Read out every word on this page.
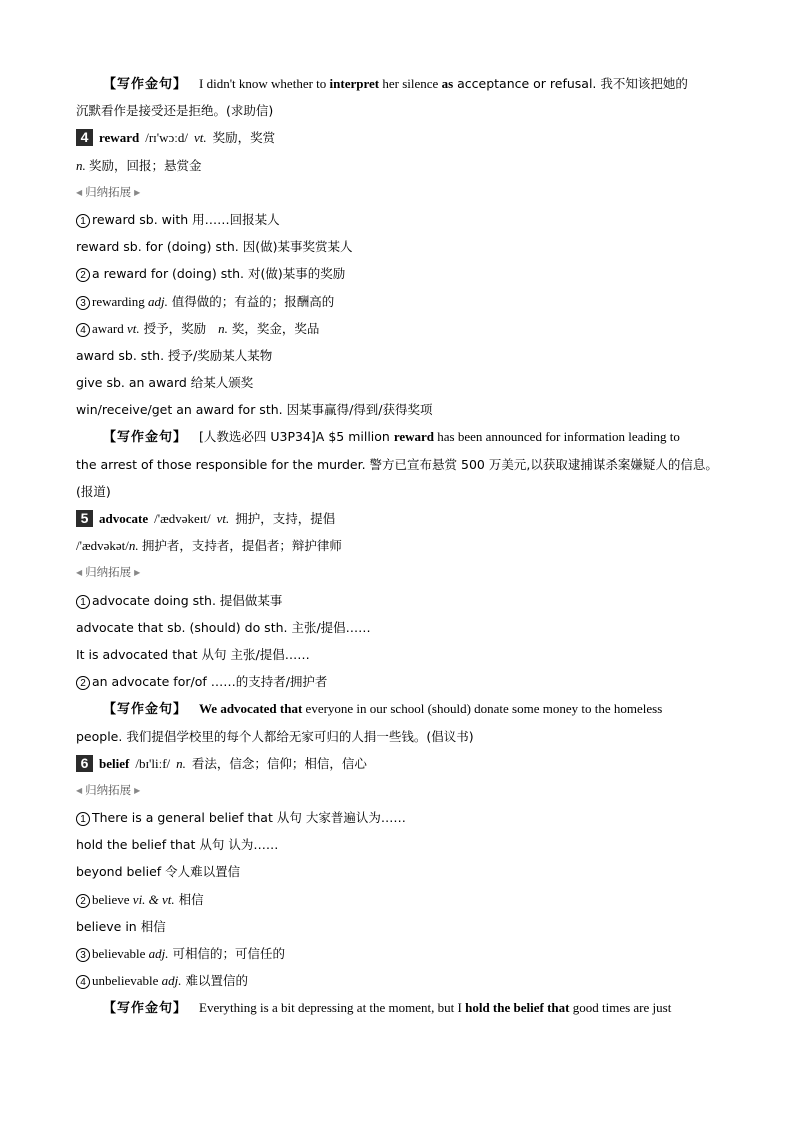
【写作金句】 I didn't know whether to interpret her silence as acceptance or refusal. 我不知该把她的
沉默看作是接受还是拒绝。(求助信)
4 reward /rɪ'wɔːd/ vt. 奖励，奖赏
n. 奖励，回报；悬赏金
◀ 归纳拓展 ▶
1 reward sb. with 用……回报某人
reward sb. for (doing) sth. 因(做)某事奖赏某人
2 a reward for (doing) sth. 对(做)某事的奖励
3 rewarding adj. 值得做的；有益的；报酬高的
4 award vt. 授予，奖励 n. 奖，奖金，奖品
award sb. sth. 授予/奖励某人某物
give sb. an award 给某人颁奖
win/receive/get an award for sth. 因某事赢得/得到/获得奖项
【写作金句】 [人教选必四 U3P34]A $5 million reward has been announced for information leading to
the arrest of those responsible for the murder. 警方已宣布悬赏 500 万美元,以获取逮捕谋杀案嫌疑人的信息。
(报道)
5 advocate /'ædvəkeɪt/ vt. 拥护，支持，提倡
/'ædvəkət/n. 拥护者，支持者，提倡者；辩护律师
◀ 归纳拓展 ▶
1 advocate doing sth. 提倡做某事
advocate that sb. (should) do sth. 主张/提倡……
It is advocated that 从句 主张/提倡……
2 an advocate for/of ……的支持者/拥护者
【写作金句】 We advocated that everyone in our school (should) donate some money to the homeless
people. 我们提倡学校里的每个人都给无家可归的人捐一些钱。(倡议书)
6 belief /bɪ'liːf/ n. 看法，信念；信仰；相信，信心
◀ 归纳拓展 ▶
1 There is a general belief that 从句 大家普遍认为……
hold the belief that 从句 认为……
beyond belief 令人难以置信
2 believe vi. & vt. 相信
believe in 相信
3 believable adj. 可相信的；可信任的
4 unbelievable adj. 难以置信的
【写作金句】 Everything is a bit depressing at the moment, but I hold the belief that good times are just
